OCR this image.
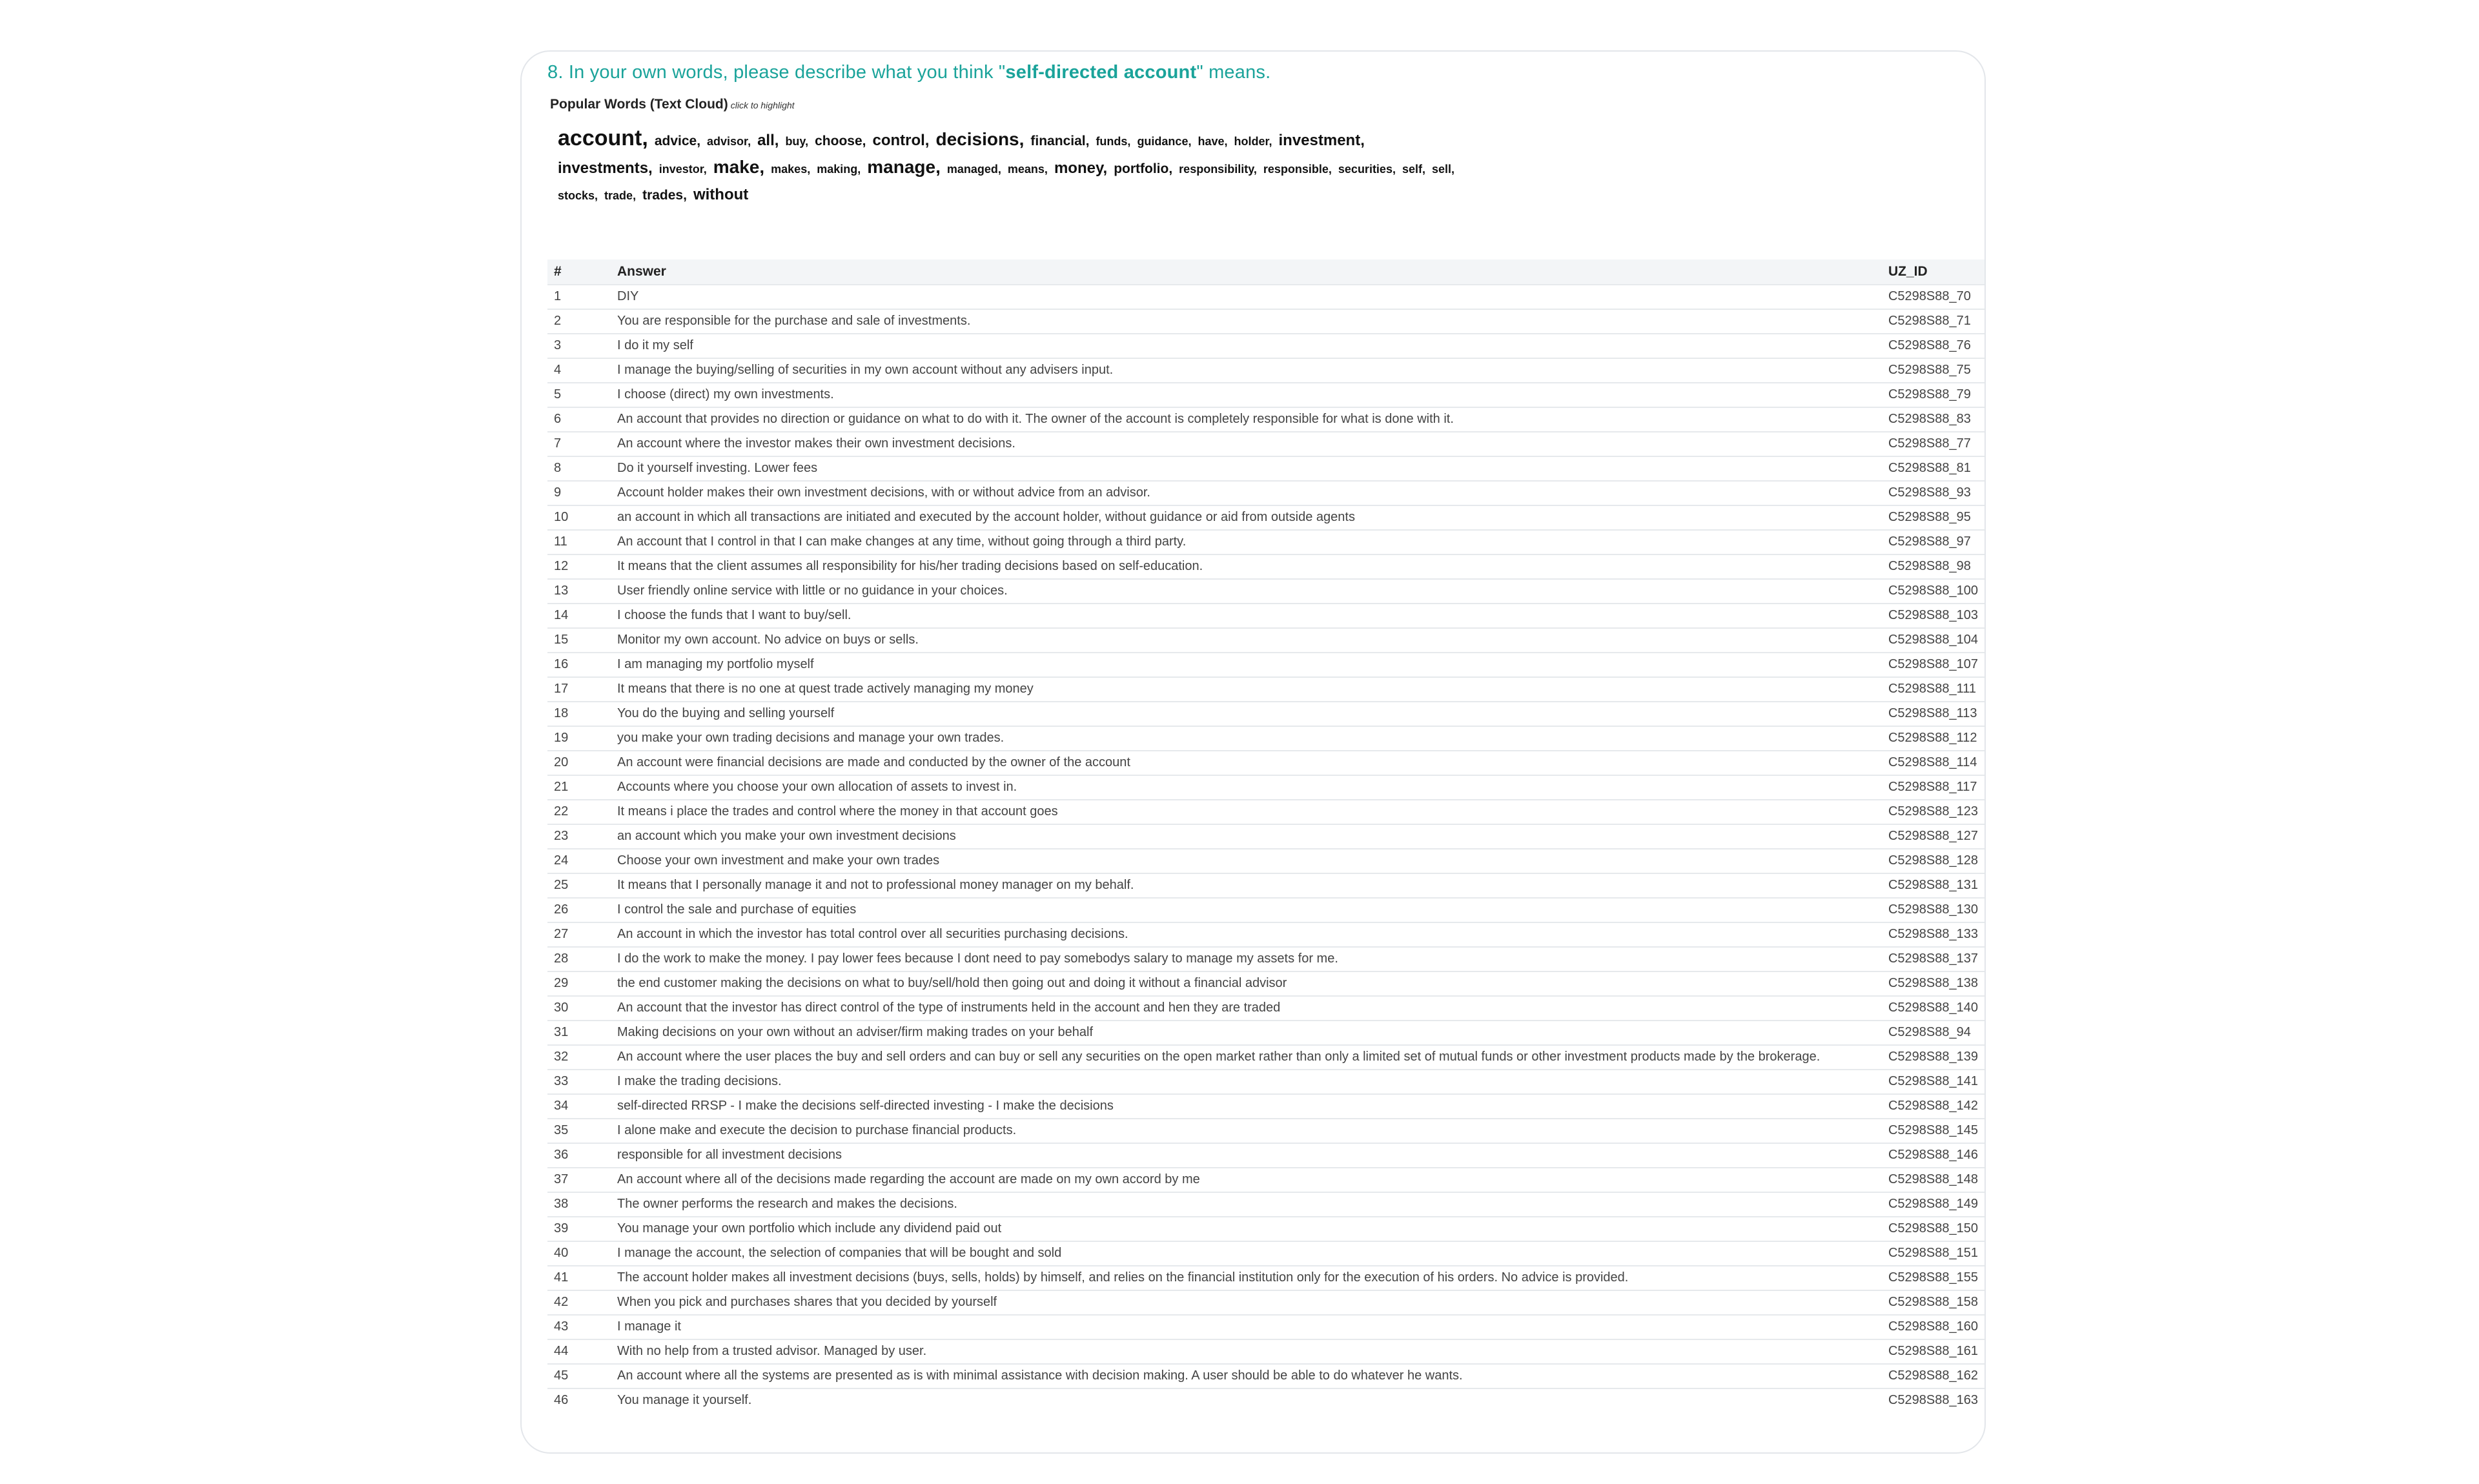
8. In your own words, please describe what you think "self-directed account" means.
Popular Words (Text Cloud) click to highlight
account, advice, advisor, all, buy, choose, control, decisions, financial, funds, guidance, have, holder, investment,investments, investor, make, makes, making, manage, managed, means, money, portfolio, responsibility, responsible, securities, self, sell,stocks, trade, trades, without
#	Answer	UZ_ID
1	DIY	C5298S88_70
2	You are responsible for the purchase and sale of investments.	C5298S88_71
3	I do it my self	C5298S88_76
4	I manage the buying/selling of securities in my own account without any advisers input.	C5298S88_75
5	I choose (direct) my own investments.	C5298S88_79
6	An account that provides no direction or guidance on what to do with it. The owner of the account is completely responsible for what is done with it.	C5298S88_83
7	An account where the investor makes their own investment decisions.	C5298S88_77
8	Do it yourself investing. Lower fees	C5298S88_81
9	Account holder makes their own investment decisions, with or without advice from an advisor.	C5298S88_93
10	an account in which all transactions are initiated and executed by the account holder, without guidance or aid from outside agents	C5298S88_95
11	An account that I control in that I can make changes at any time, without going through a third party.	C5298S88_97
12	It means that the client assumes all responsibility for his/her trading decisions based on self-education.	C5298S88_98
13	User friendly online service with little or no guidance in your choices.	C5298S88_100
14	I choose the funds that I want to buy/sell.	C5298S88_103
15	Monitor my own account. No advice on buys or sells.	C5298S88_104
16	I am managing my portfolio myself	C5298S88_107
17	It means that there is no one at quest trade actively managing my money	C5298S88_111
18	You do the buying and selling yourself	C5298S88_113
19	you make your own trading decisions and manage your own trades.	C5298S88_112
20	An account were financial decisions are made and conducted by the owner of the account	C5298S88_114
21	Accounts where you choose your own allocation of assets to invest in.	C5298S88_117
22	It means i place the trades and control where the money in that account goes	C5298S88_123
23	an account which you make your own investment decisions	C5298S88_127
24	Choose your own investment and make your own trades	C5298S88_128
25	It means that I personally manage it and not to professional money manager on my behalf.	C5298S88_131
26	I control the sale and purchase of equities	C5298S88_130
27	An account in which the investor has total control over all securities purchasing decisions.	C5298S88_133
28	I do the work to make the money. I pay lower fees because I dont need to pay somebodys salary to manage my assets for me.	C5298S88_137
29	the end customer making the decisions on what to buy/sell/hold then going out and doing it without a financial advisor	C5298S88_138
30	An account that the investor has direct control of the type of instruments held in the account and hen they are traded	C5298S88_140
31	Making decisions on your own without an adviser/firm making trades on your behalf	C5298S88_94
32	An account where the user places the buy and sell orders and can buy or sell any securities on the open market rather than only a limited set of mutual funds or other investment products made by the brokerage.	C5298S88_139
33	I make the trading decisions.	C5298S88_141
34	self-directed RRSP - I make the decisions self-directed investing - I make the decisions	C5298S88_142
35	I alone make and execute the decision to purchase financial products.	C5298S88_145
36	responsible for all investment decisions	C5298S88_146
37	An account where all of the decisions made regarding the account are made on my own accord by me	C5298S88_148
38	The owner performs the research and makes the decisions.	C5298S88_149
39	You manage your own portfolio which include any dividend paid out	C5298S88_150
40	I manage the account, the selection of companies that will be bought and sold	C5298S88_151
41	The account holder makes all investment decisions (buys, sells, holds) by himself, and relies on the financial institution only for the execution of his orders. No advice is provided.	C5298S88_155
42	When you pick and purchases shares that you decided by yourself	C5298S88_158
43	I manage it	C5298S88_160
44	With no help from a trusted advisor. Managed by user.	C5298S88_161
45	An account where all the systems are presented as is with minimal assistance with decision making. A user should be able to do whatever he wants.	C5298S88_162
46	You manage it yourself.	C5298S88_163
